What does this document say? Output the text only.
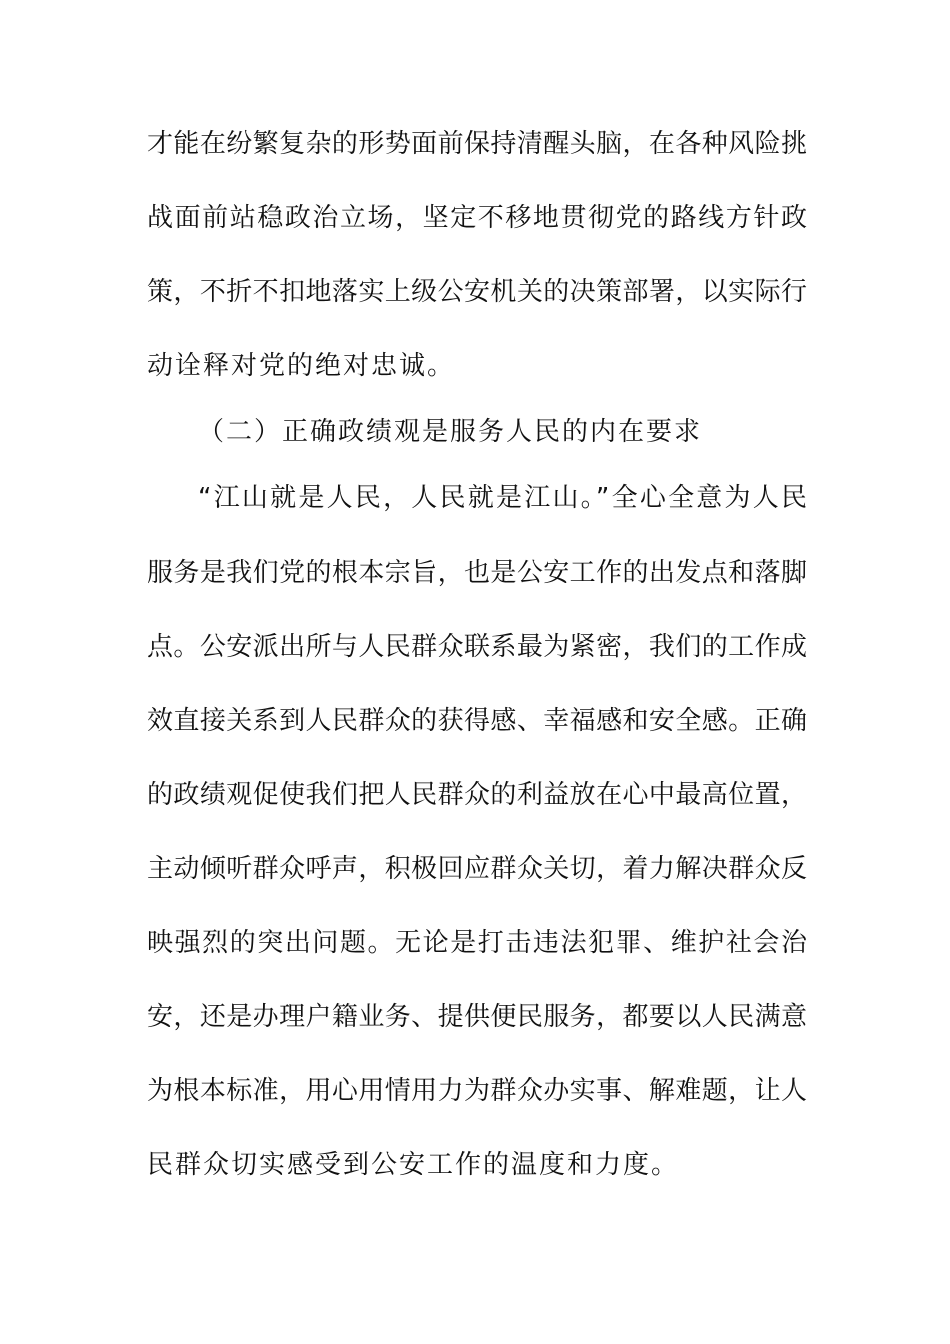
才能在纷繁复杂的形势面前保持清醒头脑，在各种风险挑
战面前站稳政治立场，坚定不移地贯彻党的路线方针政
策，不折不扣地落实上级公安机关的决策部署，以实际行
动诠释对党的绝对忠诚。
（二）正确政绩观是服务人民的内在要求
“江山就是人民，人民就是江山。”全心全意为人民
服务是我们党的根本宗旨，也是公安工作的出发点和落脚
点。公安派出所与人民群众联系最为紧密，我们的工作成
效直接关系到人民群众的获得感、幸福感和安全感。正确
的政绩观促使我们把人民群众的利益放在心中最高位置，
主动倾听群众呼声，积极回应群众关切，着力解决群众反
映强烈的突出问题。无论是打击违法犯罪、维护社会治
安，还是办理户籍业务、提供便民服务，都要以人民满意
为根本标准，用心用情用力为群众办实事、解难题，让人
民群众切实感受到公安工作的温度和力度。
